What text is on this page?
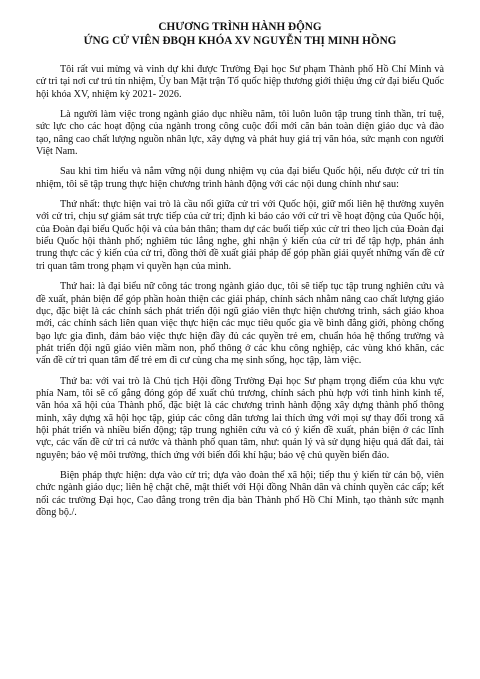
CHƯƠNG TRÌNH HÀNH ĐỘNG

ỨNG CỬ VIÊN ĐBQH KHÓA XV NGUYỄN THỊ MINH HỒNG

Tôi rất vui mừng và vinh dự khi được Trường Đại học Sư phạm Thành phố Hồ Chí Minh và cử tri tại nơi cư trú tín nhiệm, Ủy ban Mặt trận Tổ quốc hiệp thương giới thiệu ứng cử đại biểu Quốc hội khóa XV, nhiệm kỳ 2021- 2026.

Là người làm việc trong ngành giáo dục nhiều năm, tôi luôn luôn tập trung tinh thần, trí tuệ, sức lực cho các hoạt động của ngành trong công cuộc đổi mới căn bản toàn diện giáo dục và đào tạo, nâng cao chất lượng nguồn nhân lực, xây dựng và phát huy giá trị văn hóa, sức mạnh con người Việt Nam.

Sau khi tìm hiểu và nắm vững nội dung nhiệm vụ của đại biểu Quốc hội, nếu được cử tri tín nhiệm, tôi sẽ tập trung thực hiện chương trình hành động với các nội dung chính như sau:

Thứ nhất: thực hiện vai trò là cầu nối giữa cử tri với Quốc hội, giữ mối liên hệ thường xuyên với cử tri, chịu sự giám sát trực tiếp của cử tri; định kì báo cáo với cử tri về hoạt động của Quốc hội, của Đoàn đại biểu Quốc hội và của bản thân; tham dự các buổi tiếp xúc cử tri theo lịch của Đoàn đại biểu Quốc hội thành phố; nghiêm túc lắng nghe, ghi nhận ý kiến của cử tri để tập hợp, phản ánh trung thực các ý kiến của cử tri, đồng thời đề xuất giải pháp để góp phần giải quyết những vấn đề cử tri quan tâm trong phạm vi quyền hạn của mình.

Thứ hai: là đại biểu nữ công tác trong ngành giáo dục, tôi sẽ tiếp tục tập trung nghiên cứu và đề xuất, phản biện để góp phần hoàn thiện các giải pháp, chính sách nhằm nâng cao chất lượng giáo dục, đặc biệt là các chính sách phát triển đội ngũ giáo viên thực hiện chương trình, sách giáo khoa mới, các chính sách liên quan việc thực hiện các mục tiêu quốc gia về bình đẳng giới, phòng chống bạo lực gia đình, đảm bảo việc thực hiện đầy đủ các quyền trẻ em, chuẩn hóa hệ thống trường và phát triển đội ngũ giáo viên mầm non, phổ thông ở các khu công nghiệp, các vùng khó khăn, các vấn đề cử tri quan tâm để trẻ em đi cư cùng cha mẹ sinh sống, học tập, làm việc.

Thứ ba: với vai trò là Chủ tịch Hội đồng Trường Đại học Sư phạm trọng điểm của khu vực phía Nam, tôi sẽ cố gắng đóng góp để xuất chủ trương, chính sách phù hợp với tình hình kinh tế, văn hóa xã hội của Thành phố, đặc biệt là các chương trình hành động xây dựng thành phố thông minh, xây dựng xã hội học tập, giúp các công dân tương lai thích ứng với mọi sự thay đổi trong xã hội phát triển và nhiều biến động; tập trung nghiên cứu và có ý kiến đề xuất, phản biện ở các lĩnh vực, các vấn đề cử tri cả nước và thành phố quan tâm, như: quản lý và sử dụng hiệu quả đất đai, tài nguyên; bảo vệ môi trường, thích ứng với biến đổi khí hậu; bảo vệ chủ quyền biển đảo.

Biện pháp thực hiện: dựa vào cử tri; dựa vào đoàn thể xã hội; tiếp thu ý kiến từ cán bộ, viên chức ngành giáo dục; liên hệ chặt chẽ, mật thiết với Hội đồng Nhân dân và chính quyền các cấp; kết nối các trường Đại học, Cao đẳng trong trên địa bàn Thành phố Hồ Chí Minh, tạo thành sức mạnh đồng bộ./.
